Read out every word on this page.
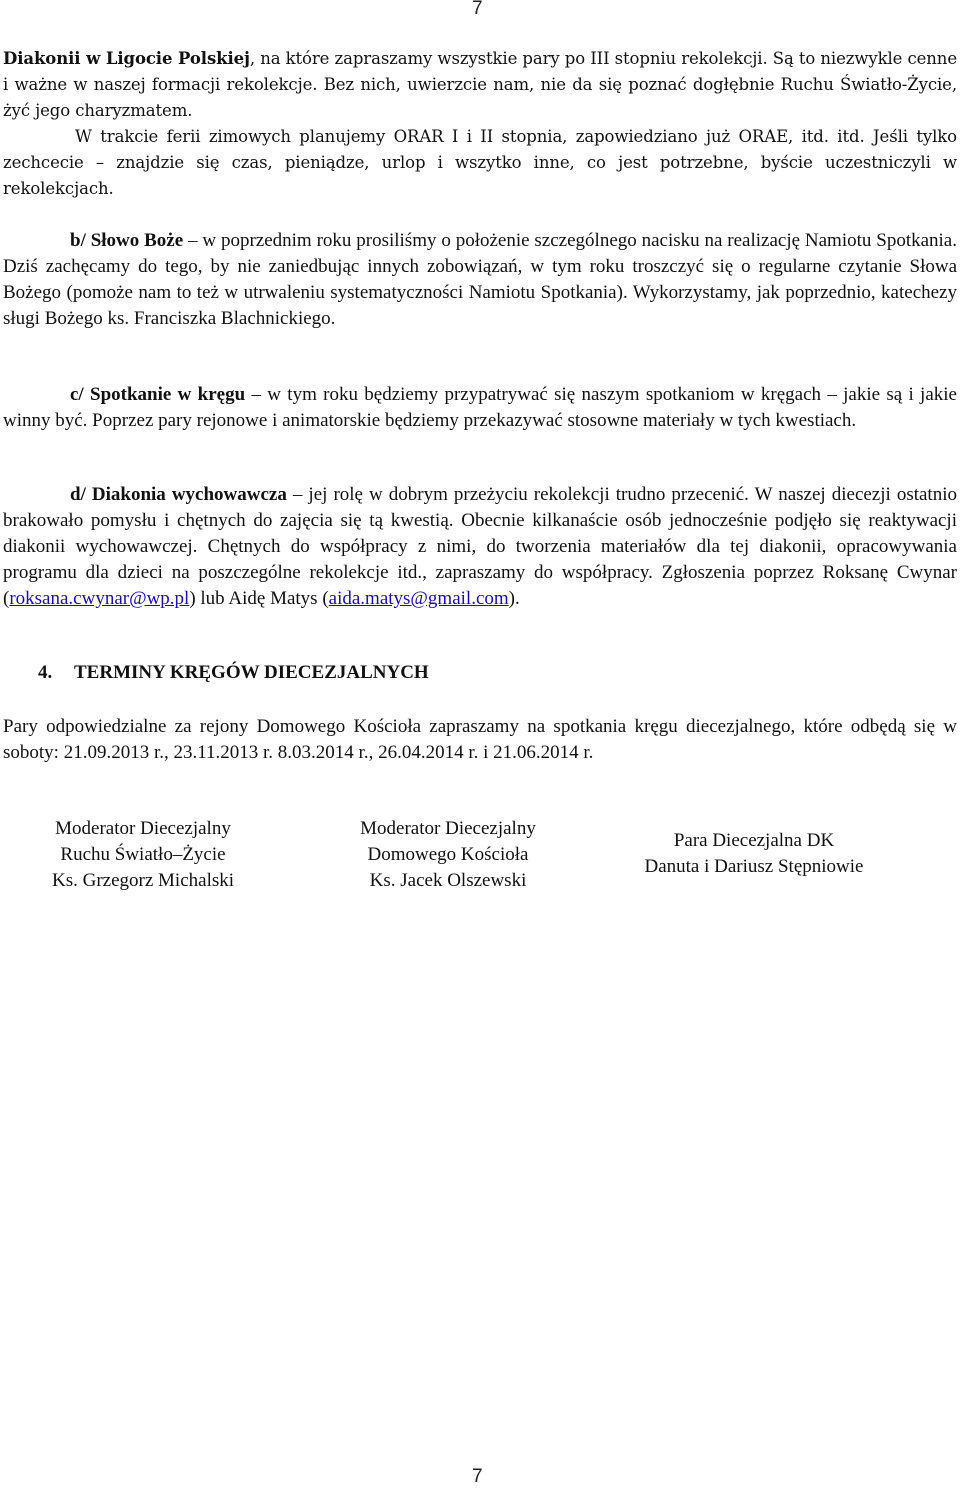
7
Diakonii w Ligocie Polskiej, na które zapraszamy wszystkie pary po III stopniu rekolekcji. Są to niezwykle cenne i ważne w naszej formacji rekolekcje. Bez nich, uwierzcie nam, nie da się poznać dogłębnie Ruchu Światło-Życie, żyć jego charyzmatem.
W trakcie ferii zimowych planujemy ORAR I i II stopnia, zapowiedziano już ORAE, itd. itd. Jeśli tylko zechcecie – znajdzie się czas, pieniądze, urlop i wszytko inne, co jest potrzebne, byście uczestniczyli w rekolekcjach.
b/ Słowo Boże – w poprzednim roku prosiliśmy o położenie szczególnego nacisku na realizację Namiotu Spotkania. Dziś zachęcamy do tego, by nie zaniedbując innych zobowiązań, w tym roku troszczyć się o regularne czytanie Słowa Bożego (pomoże nam to też w utrwaleniu systematyczności Namiotu Spotkania). Wykorzystamy, jak poprzednio, katechezy sługi Bożego ks. Franciszka Blachnickiego.
c/ Spotkanie w kręgu – w tym roku będziemy przypatrywać się naszym spotkaniom w kręgach – jakie są i jakie winny być. Poprzez pary rejonowe i animatorskie będziemy przekazywać stosowne materiały w tych kwestiach.
d/ Diakonia wychowawcza – jej rolę w dobrym przeżyciu rekolekcji trudno przecenić. W naszej diecezji ostatnio brakowało pomysłu i chętnych do zajęcia się tą kwestią. Obecnie kilkanaście osób jednocześnie podjęło się reaktywacji diakonii wychowawczej. Chętnych do współpracy z nimi, do tworzenia materiałów dla tej diakonii, opracowywania programu dla dzieci na poszczególne rekolekcje itd., zapraszamy do współpracy. Zgłoszenia poprzez Roksanę Cwynar (roksana.cwynar@wp.pl) lub Aidę Matys (aida.matys@gmail.com).
4. TERMINY KRĘGÓW DIECEZJALNYCH
Pary odpowiedzialne za rejony Domowego Kościoła zapraszamy na spotkania kręgu diecezjalnego, które odbędą się w soboty: 21.09.2013 r., 23.11.2013 r. 8.03.2014 r., 26.04.2014 r. i 21.06.2014 r.
Moderator Diecezjalny
Ruchu Światło–Życie
Ks. Grzegorz Michalski
Moderator Diecezjalny
Domowego Kościoła
Ks. Jacek Olszewski
Para Diecezjalna DK
Danuta i Dariusz Stępniowie
7
